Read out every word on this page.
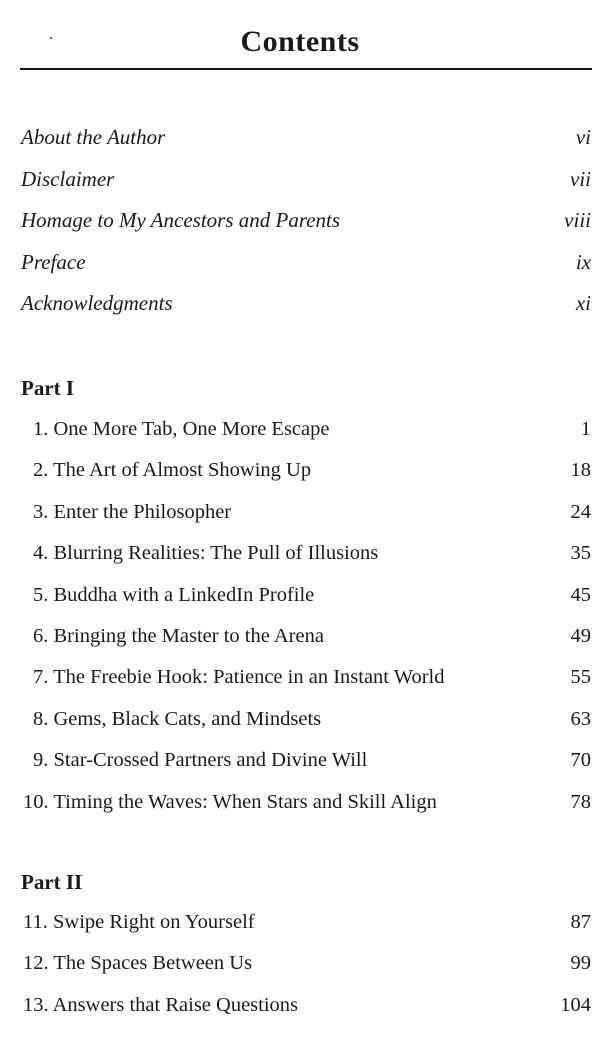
Contents
About the Author	vi
Disclaimer	vii
Homage to My Ancestors and Parents	viii
Preface	ix
Acknowledgments	xi
Part I
1. One More Tab, One More Escape	1
2. The Art of Almost Showing Up	18
3. Enter the Philosopher	24
4. Blurring Realities: The Pull of Illusions	35
5. Buddha with a LinkedIn Profile	45
6. Bringing the Master to the Arena	49
7. The Freebie Hook: Patience in an Instant World	55
8. Gems, Black Cats, and Mindsets	63
9. Star-Crossed Partners and Divine Will	70
10. Timing the Waves: When Stars and Skill Align	78
Part II
11. Swipe Right on Yourself	87
12. The Spaces Between Us	99
13. Answers that Raise Questions	104
